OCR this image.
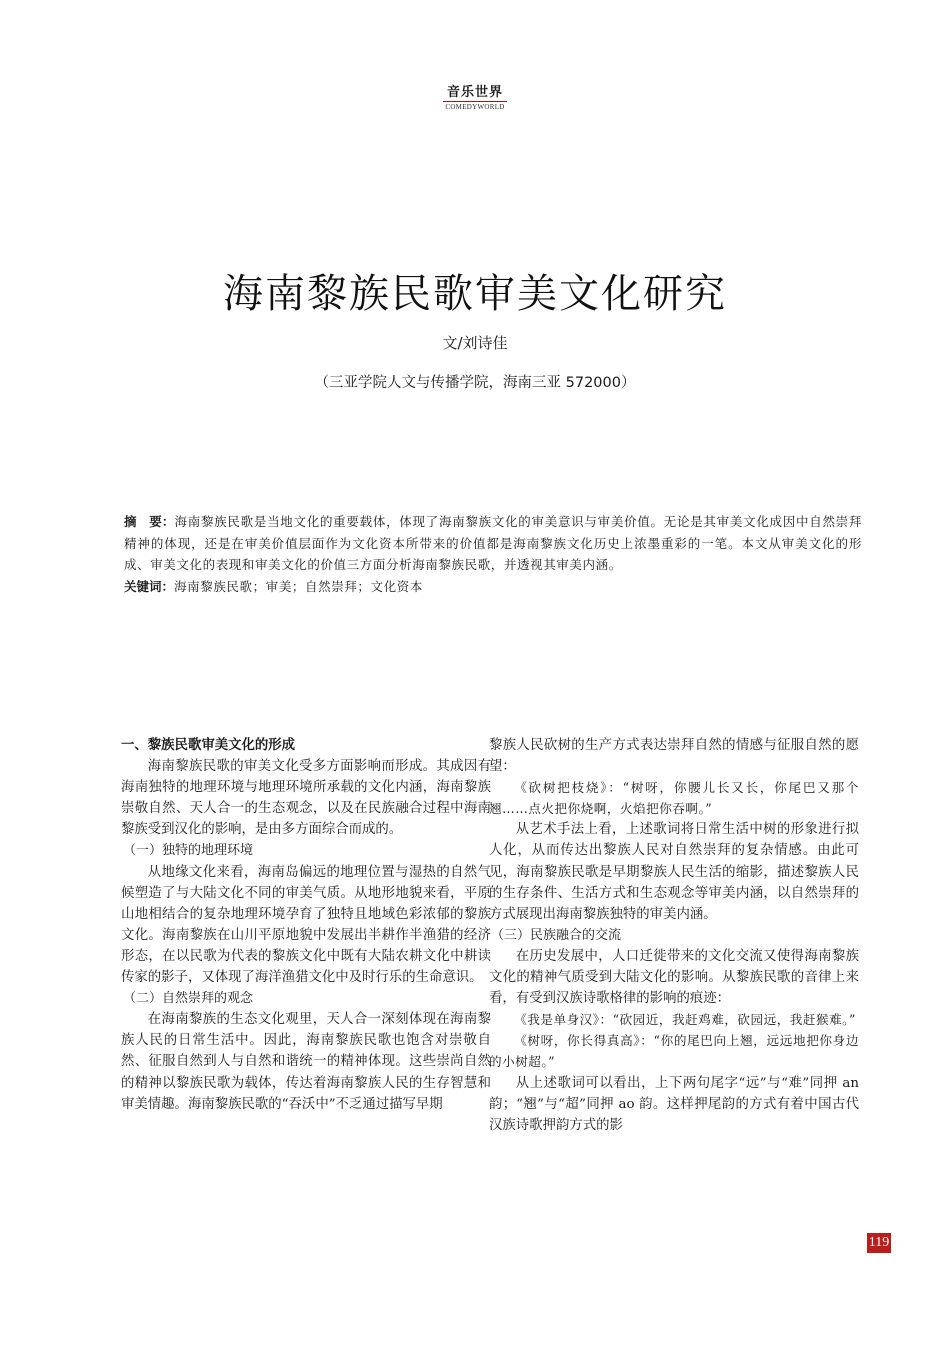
音乐世界
COMEDYWORLD
海南黎族民歌审美文化研究
文/刘诗佳
（三亚学院人文与传播学院，海南三亚 572000）

摘　要：海南黎族民歌是当地文化的重要载体，体现了海南黎族文化的审美意识与审美价值。无论是其审美文化成因中自然崇拜精神的体现，还是在审美价值层面作为文化资本所带来的价值都是海南黎族文化历史上浓墨重彩的一笔。本文从审美文化的形成、审美文化的表现和审美文化的价值三方面分析海南黎族民歌，并透视其审美内涵。

关键词：海南黎族民歌；审美；自然崇拜；文化资本

一、黎族民歌审美文化的形成

海南黎族民歌的审美文化受多方面影响而形成。其成因有海南独特的地理环境与地理环境所承载的文化内涵，海南黎族崇敬自然、天人合一的生态观念，以及在民族融合过程中海南黎族受到汉化的影响，是由多方面综合而成的。

（一）独特的地理环境

从地缘文化来看，海南岛偏远的地理位置与湿热的自然气候塑造了与大陆文化不同的审美气质。从地形地貌来看，平原山地相结合的复杂地理环境孕育了独特且地域色彩浓郁的黎族文化。海南黎族在山川平原地貌中发展出半耕作半渔猎的经济形态，在以民歌为代表的黎族文化中既有大陆农耕文化中耕读传家的影子，又体现了海洋渔猎文化中及时行乐的生命意识。

（二）自然崇拜的观念

在海南黎族的生态文化观里，天人合一深刻体现在海南黎族人民的日常生活中。因此，海南黎族民歌也饱含对崇敬自然、征服自然到人与自然和谐统一的精神体现。这些崇尚自然的精神以黎族民歌为载体，传达着海南黎族人民的生存智慧和审美情趣。海南黎族民歌的“吞沃中”不乏通过描写早期

黎族人民砍树的生产方式表达崇拜自然的情感与征服自然的愿望：

《砍树把枝烧》：“树呀，你腰儿长又长，你尾巴又那个翘……点火把你烧啊，火焰把你吞啊。”

从艺术手法上看，上述歌词将日常生活中树的形象进行拟人化，从而传达出黎族人民对自然崇拜的复杂情感。由此可见，海南黎族民歌是早期黎族人民生活的缩影，描述黎族人民的生存条件、生活方式和生态观念等审美内涵，以自然崇拜的方式展现出海南黎族独特的审美内涵。

（三）民族融合的交流

在历史发展中，人口迁徙带来的文化交流又使得海南黎族文化的精神气质受到大陆文化的影响。从黎族民歌的音律上来看，有受到汉族诗歌格律的影响的痕迹：

《我是单身汉》：“砍园近，我赶鸡难，砍园远，我赶猴难。”

《树呀，你长得真高》：“你的尾巴向上翘，远远地把你身边的小树超。”

从上述歌词可以看出，上下两句尾字“远”与“难”同押 an 韵；“翘”与“超”同押 ao 韵。这样押尾韵的方式有着中国古代汉族诗歌押韵方式的影

119
